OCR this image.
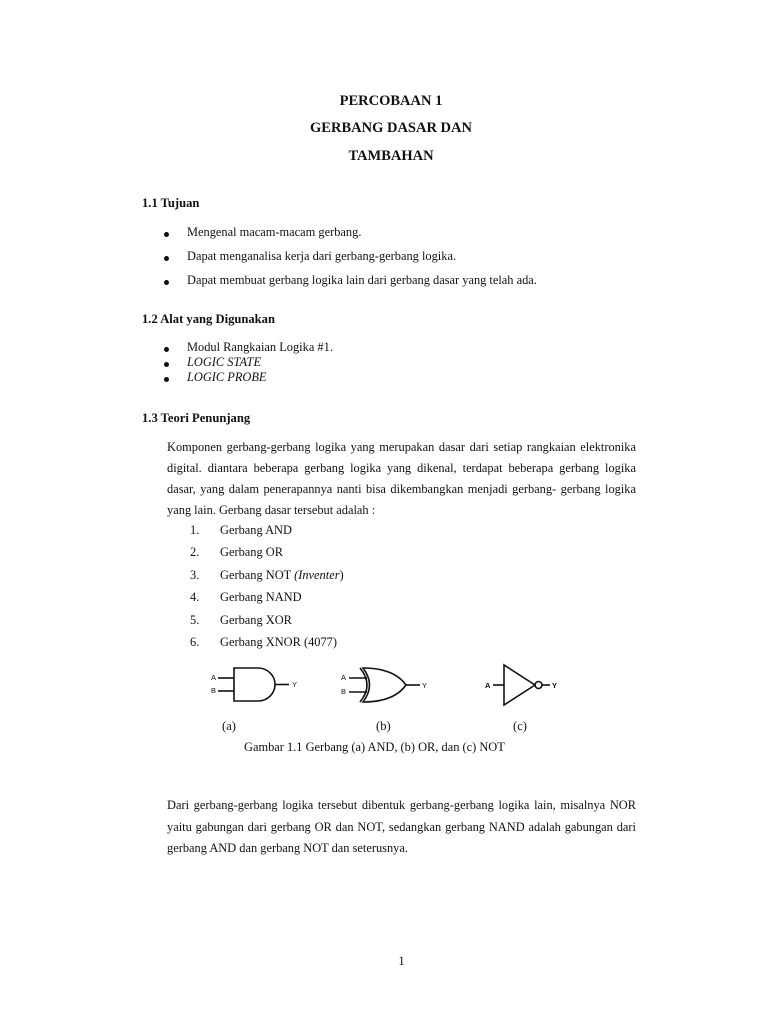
PERCOBAAN 1
GERBANG DASAR DAN
TAMBAHAN
1.1 Tujuan
Mengenal macam-macam gerbang.
Dapat menganalisa kerja dari gerbang-gerbang logika.
Dapat membuat gerbang logika lain dari gerbang dasar yang telah ada.
1.2 Alat yang Digunakan
Modul Rangkaian Logika #1.
LOGIC STATE
LOGIC PROBE
1.3 Teori Penunjang
Komponen gerbang-gerbang logika yang merupakan dasar dari setiap rangkaian elektronika digital. diantara beberapa gerbang logika yang dikenal, terdapat beberapa gerbang logika dasar, yang dalam penerapannya nanti bisa dikembangkan menjadi gerbang- gerbang logika yang lain. Gerbang dasar tersebut adalah :
1. Gerbang AND
2. Gerbang OR
3. Gerbang NOT (Inventer)
4. Gerbang NAND
5. Gerbang XOR
6. Gerbang XNOR (4077)
A
B
Y
A
B
Y	A	Y
(a)	(b)	(c)
Gambar 1.1 Gerbang (a) AND, (b) OR, dan (c) NOT
Dari gerbang-gerbang logika tersebut dibentuk gerbang-gerbang logika lain, misalnya NOR yaitu gabungan dari gerbang OR dan NOT, sedangkan gerbang NAND adalah gabungan dari gerbang AND dan gerbang NOT dan seterusnya.
1
